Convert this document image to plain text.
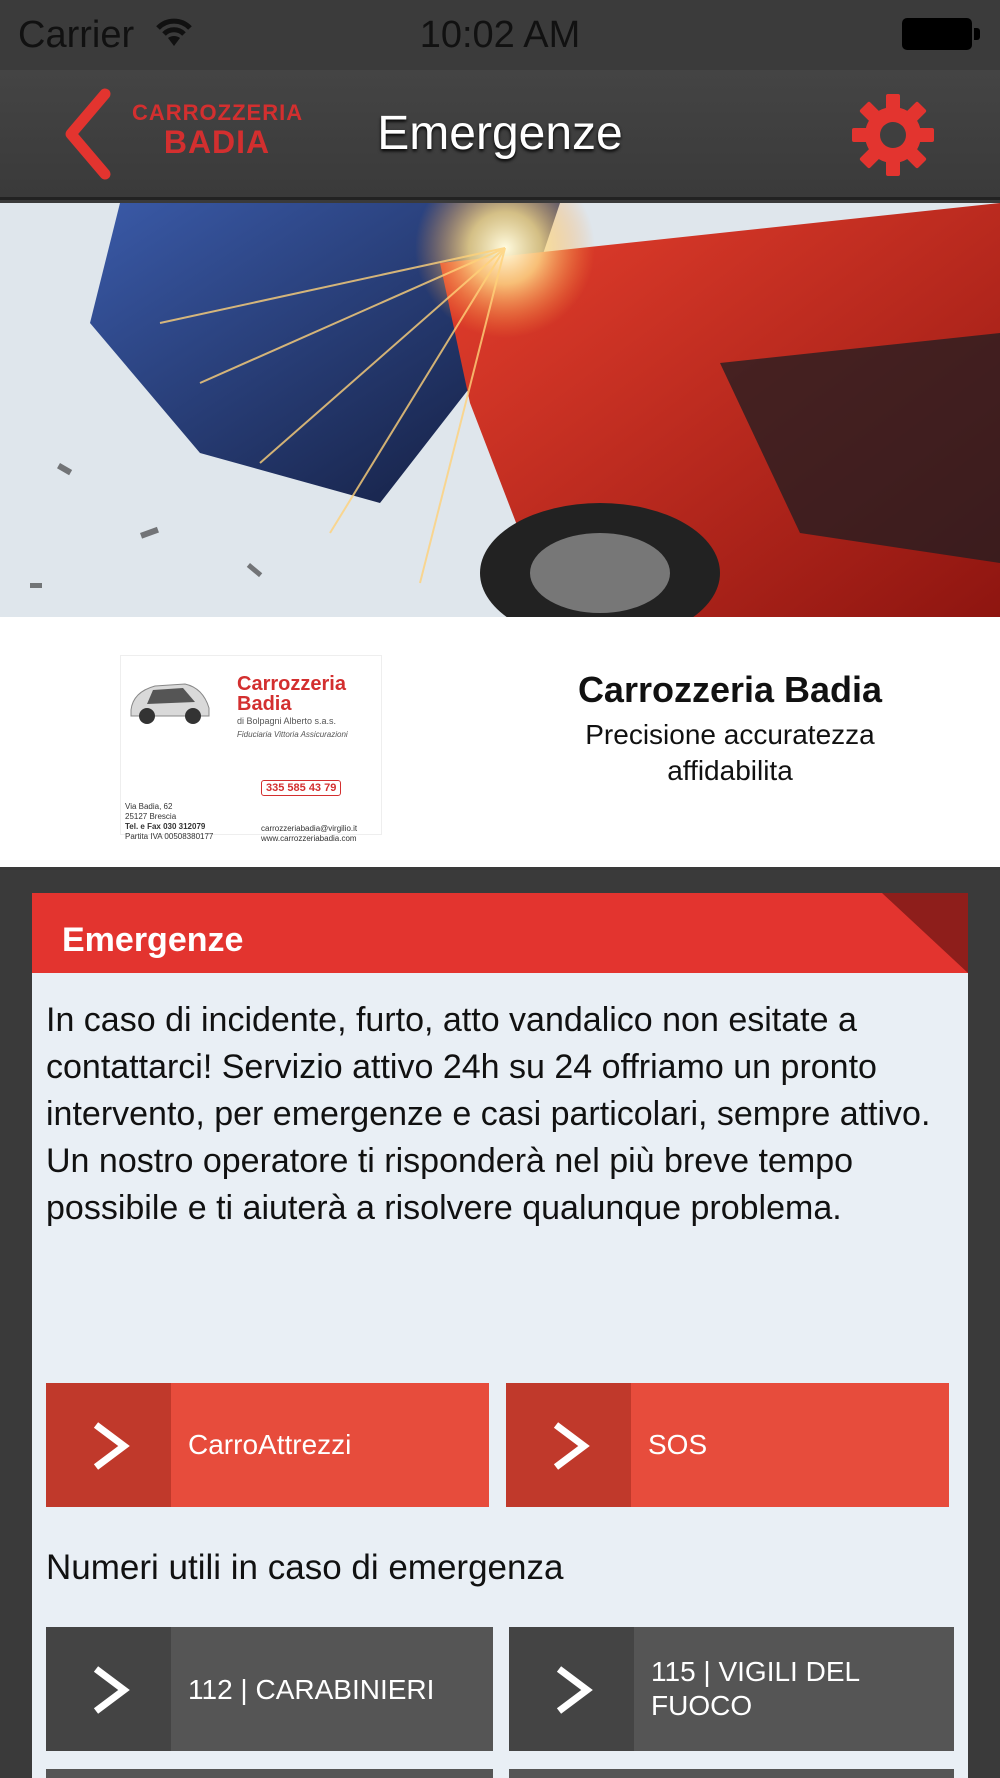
Carrier	10:02 AM
CARROZZERIA
BADIA	Emergenze
Carrozzeria
Badia
di Bolpagni Alberto s.a.s.
Fiduciaria Vittoria Assicurazioni
335 585 43 79
Via Badia, 62
25127 Brescia
Tel. e Fax 030 312079
Partita IVA 00508380177
carrozzeriabadia@virgilio.it
www.carrozzeriabadia.com
Carrozzeria Badia
Precisione accuratezza affidabilita
Emergenze
In caso di incidente, furto, atto vandalico non esitate a contattarci! Servizio attivo 24h su 24 offriamo un pronto intervento, per emergenze e casi particolari, sempre attivo. Un nostro operatore ti risponderà nel più breve tempo possibile e ti aiuterà a risolvere qualunque problema.
CarroAttrezzi	SOS
Numeri utili in caso di emergenza
112 | CARABINIERI
115 | VIGILI DEL FUOCO
